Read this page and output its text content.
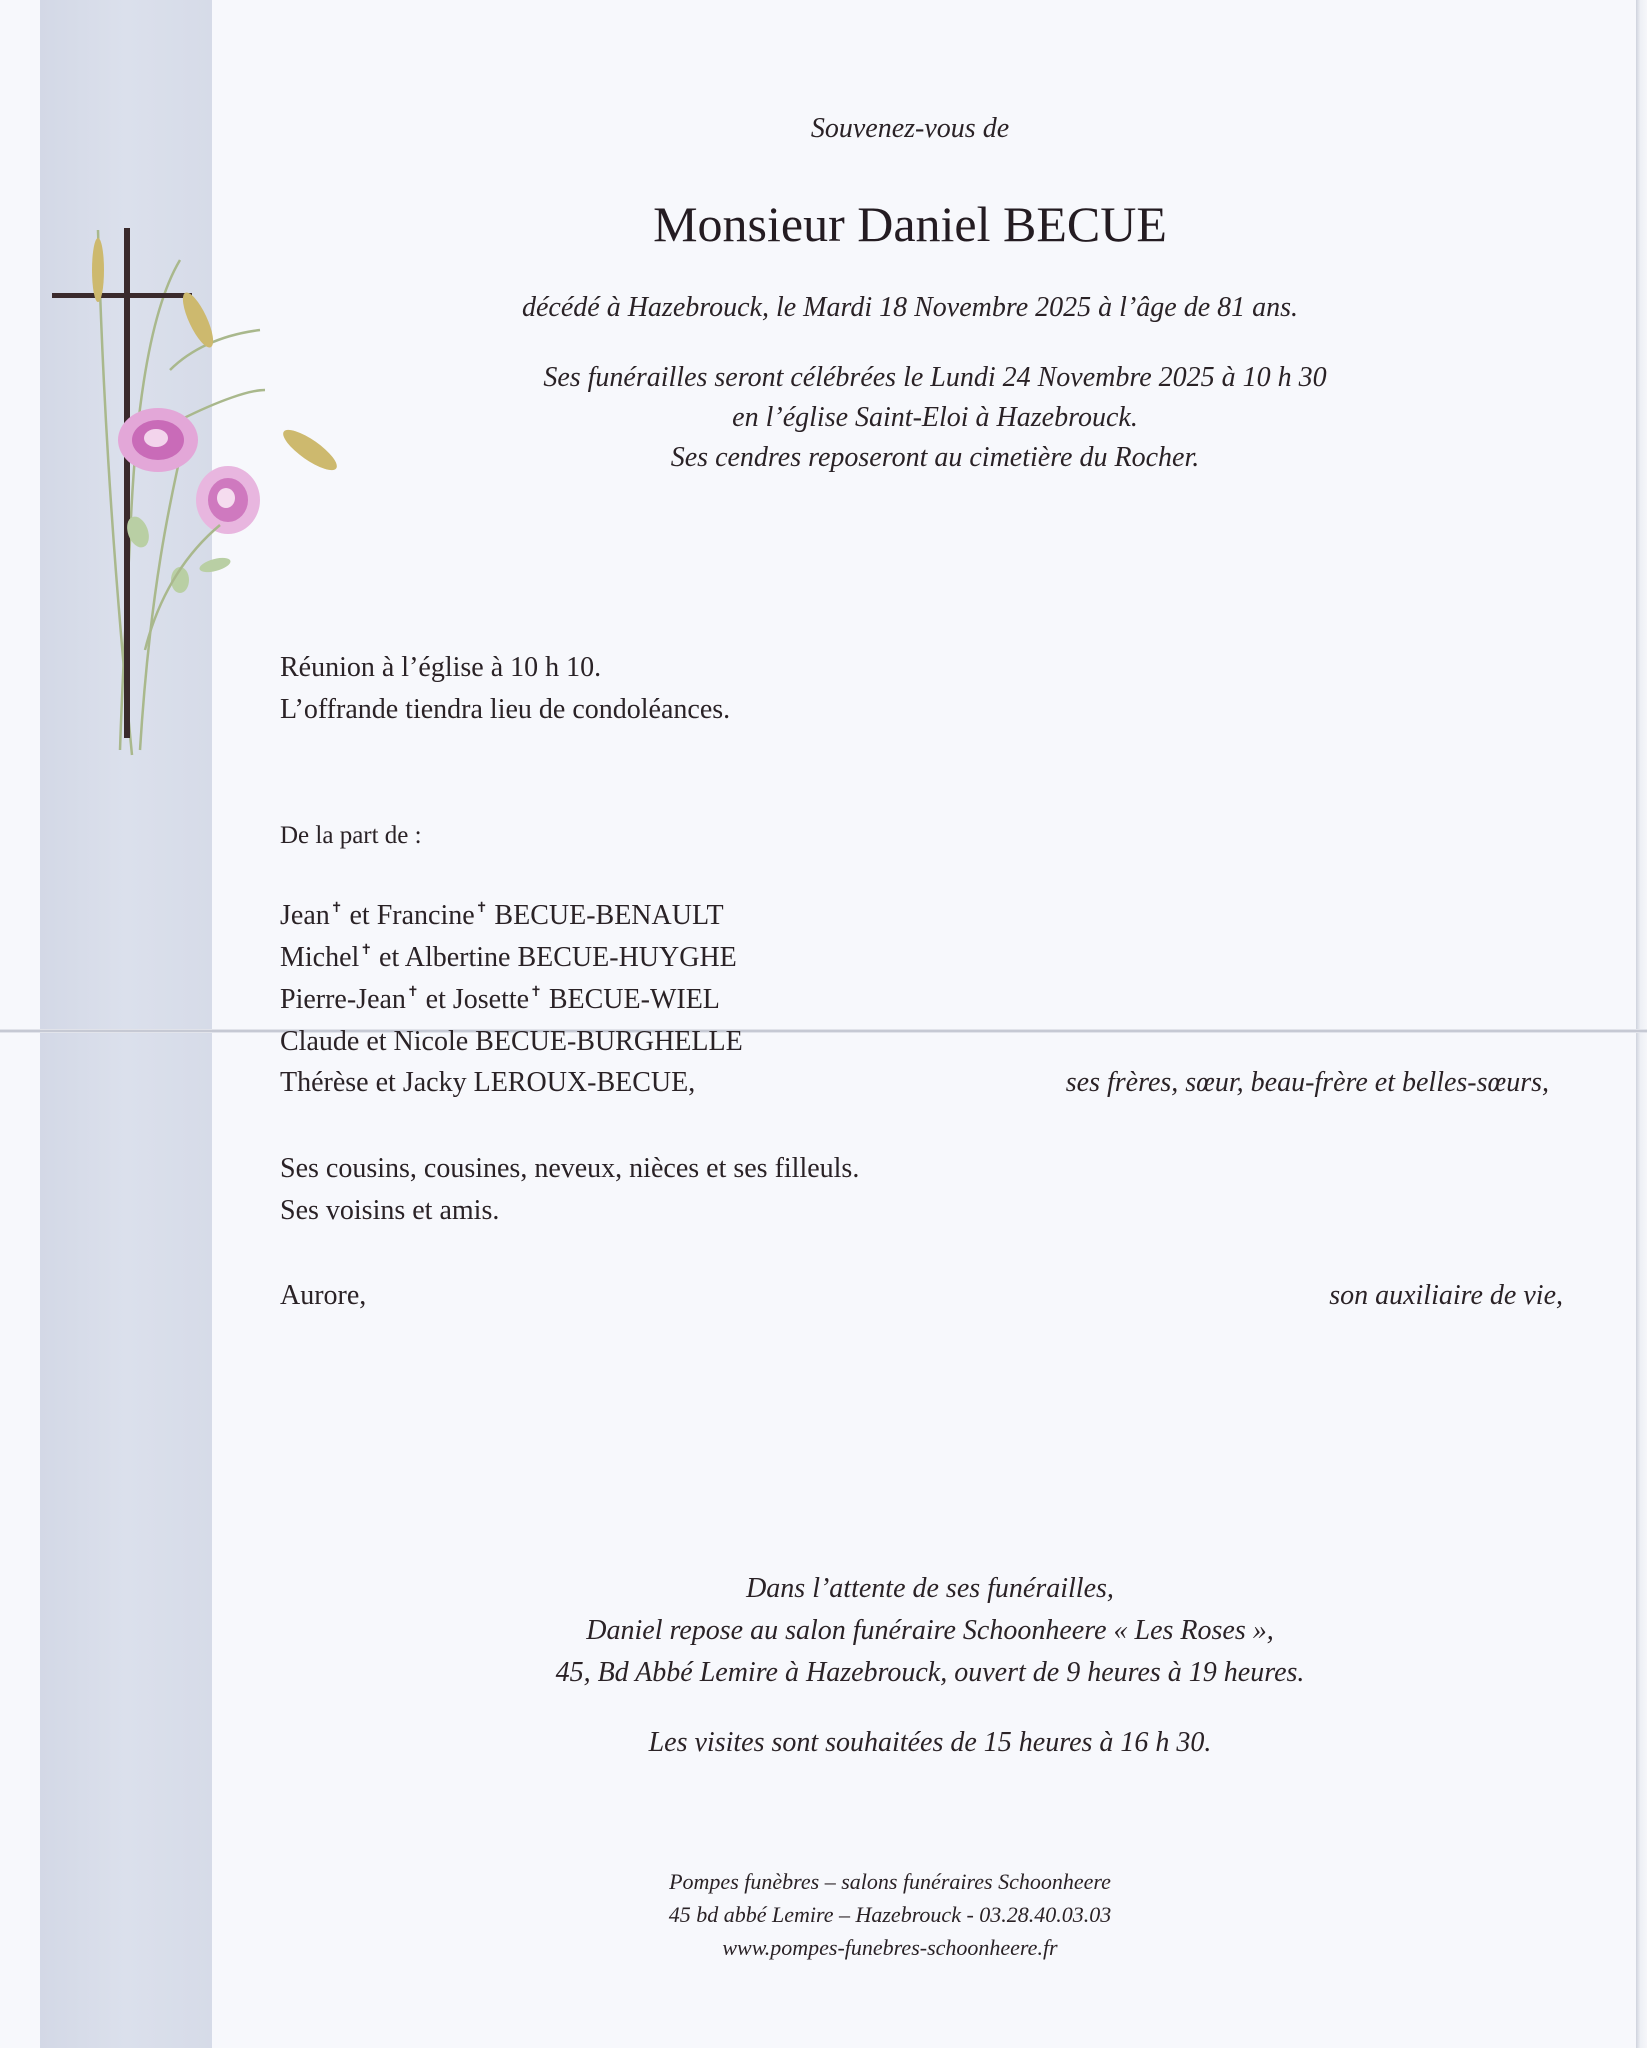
Souvenez-vous de
Monsieur Daniel BECUE
décédé à Hazebrouck, le Mardi 18 Novembre 2025 à l’âge de 81 ans.
Ses funérailles seront célébrées le Lundi 24 Novembre 2025 à 10 h 30
en l’église Saint-Eloi à Hazebrouck.
Ses cendres reposeront au cimetière du Rocher.
Réunion à l’église à 10 h 10.
L’offrande tiendra lieu de condoléances.
De la part de :
Jean✝ et Francine✝ BECUE-BENAULT
Michel✝ et Albertine BECUE-HUYGHE
Pierre-Jean✝ et Josette✝ BECUE-WIEL
Claude et Nicole BECUE-BURGHELLE
Thérèse et Jacky LEROUX-BECUE,	ses frères, sœur, beau-frère et belles-sœurs,
Ses cousins, cousines, neveux, nièces et ses filleuls.
Ses voisins et amis.
Aurore,	son auxiliaire de vie,
Dans l’attente de ses funérailles,
Daniel repose au salon funéraire Schoonheere « Les Roses »,
45, Bd Abbé Lemire à Hazebrouck, ouvert de 9 heures à 19 heures.
Les visites sont souhaitées de 15 heures à 16 h 30.
Pompes funèbres – salons funéraires Schoonheere
45 bd abbé Lemire – Hazebrouck - 03.28.40.03.03
www.pompes-funebres-schoonheere.fr
